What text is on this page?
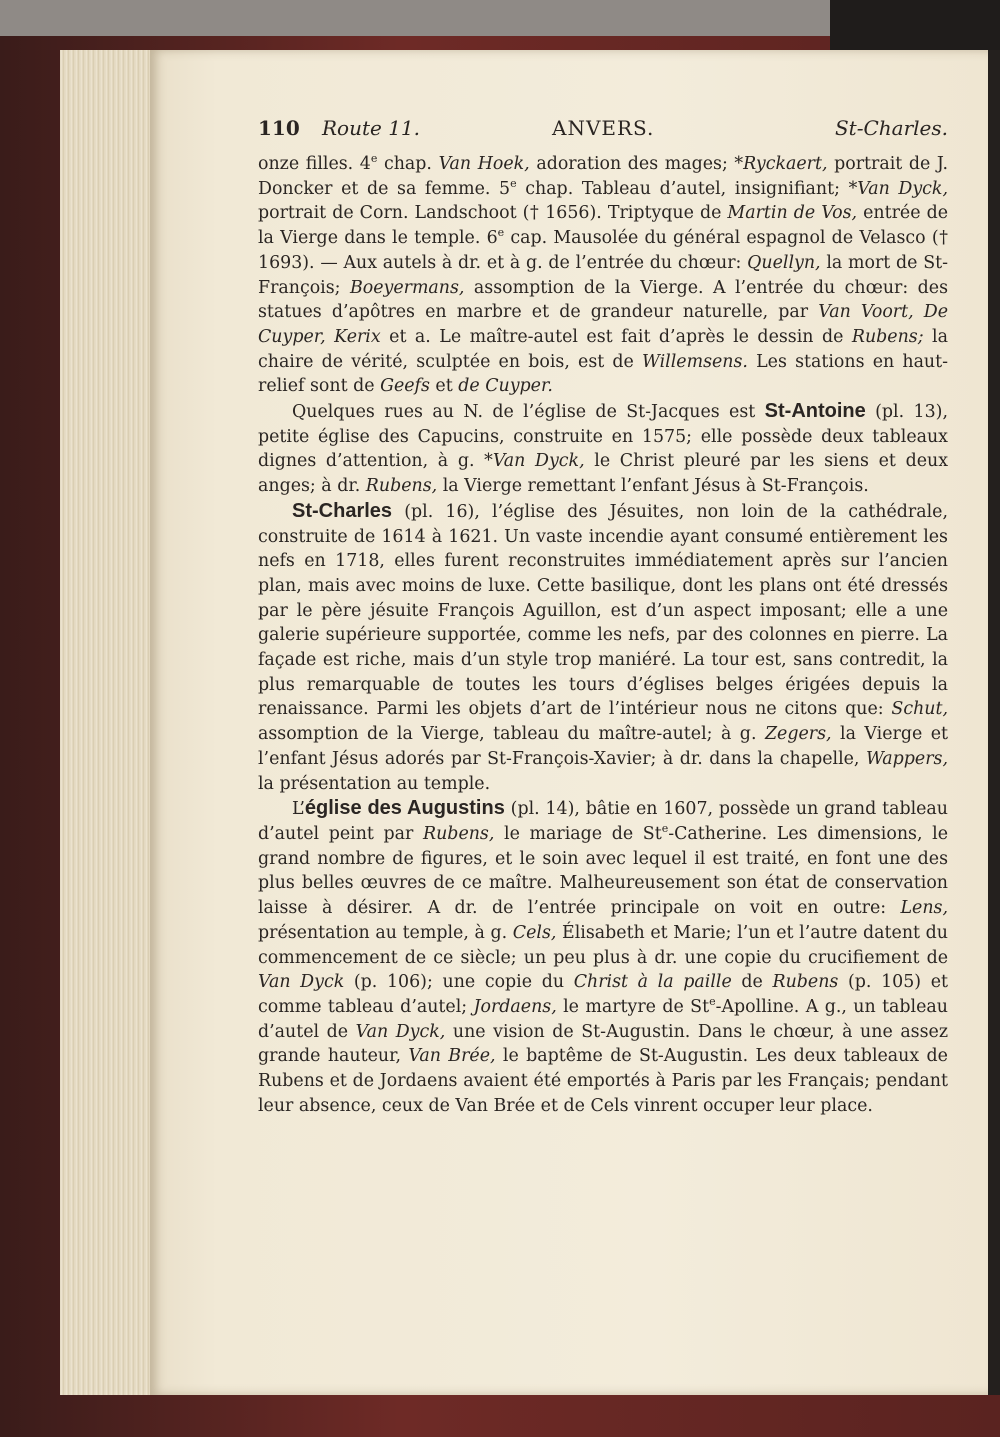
110 Route 11.	ANVERS.	St-Charles.

onze filles. 4e chap. Van Hoek, adoration des mages; *Ryckaert, portrait de J. Doncker et de sa femme. 5e chap. Tableau d’autel, insignifiant; *Van Dyck, portrait de Corn. Landschoot († 1656). Triptyque de Martin de Vos, entrée de la Vierge dans le temple. 6e cap. Mausolée du général espagnol de Velasco († 1693). — Aux autels à dr. et à g. de l’entrée du chœur: Quellyn, la mort de St-François; Boeyermans, assomption de la Vierge. A l’entrée du chœur: des statues d’apôtres en marbre et de grandeur naturelle, par Van Voort, De Cuyper, Kerix et a. Le maître-autel est fait d’après le dessin de Rubens; la chaire de vérité, sculptée en bois, est de Willemsens. Les stations en haut-relief sont de Geefs et de Cuyper.

Quelques rues au N. de l’église de St-Jacques est St-Antoine (pl. 13), petite église des Capucins, construite en 1575; elle possède deux tableaux dignes d’attention, à g. *Van Dyck, le Christ pleuré par les siens et deux anges; à dr. Rubens, la Vierge remettant l’enfant Jésus à St-François.

St-Charles (pl. 16), l’église des Jésuites, non loin de la cathédrale, construite de 1614 à 1621. Un vaste incendie ayant consumé entièrement les nefs en 1718, elles furent reconstruites immédiatement après sur l’ancien plan, mais avec moins de luxe. Cette basilique, dont les plans ont été dressés par le père jésuite François Aguillon, est d’un aspect imposant; elle a une galerie supérieure supportée, comme les nefs, par des colonnes en pierre. La façade est riche, mais d’un style trop maniéré. La tour est, sans contredit, la plus remarquable de toutes les tours d’églises belges érigées depuis la renaissance. Parmi les objets d’art de l’intérieur nous ne citons que: Schut, assomption de la Vierge, tableau du maître-autel; à g. Zegers, la Vierge et l’enfant Jésus adorés par St-François-Xavier; à dr. dans la chapelle, Wappers, la présentation au temple.

L’église des Augustins (pl. 14), bâtie en 1607, possède un grand tableau d’autel peint par Rubens, le mariage de St$^e$-Catherine. Les dimensions, le grand nombre de figures, et le soin avec lequel il est traité, en font une des plus belles œuvres de ce maître. Malheureusement son état de conservation laisse à désirer. A dr. de l’entrée principale on voit en outre: Lens, présentation au temple, à g. Cels, Élisabeth et Marie; l’un et l’autre datent du commencement de ce siècle; un peu plus à dr. une copie du crucifiement de Van Dyck (p. 106); une copie du Christ à la paille de Rubens (p. 105) et comme tableau d’autel; Jordaens, le martyre de St$^e$-Apolline. A g., un tableau d’autel de Van Dyck, une vision de St-Augustin. Dans le chœur, à une assez grande hauteur, Van Brée, le baptême de St-Augustin. Les deux tableaux de Rubens et de Jordaens avaient été emportés à Paris par les Français; pendant leur absence, ceux de Van Brée et de Cels vinrent occuper leur place.
